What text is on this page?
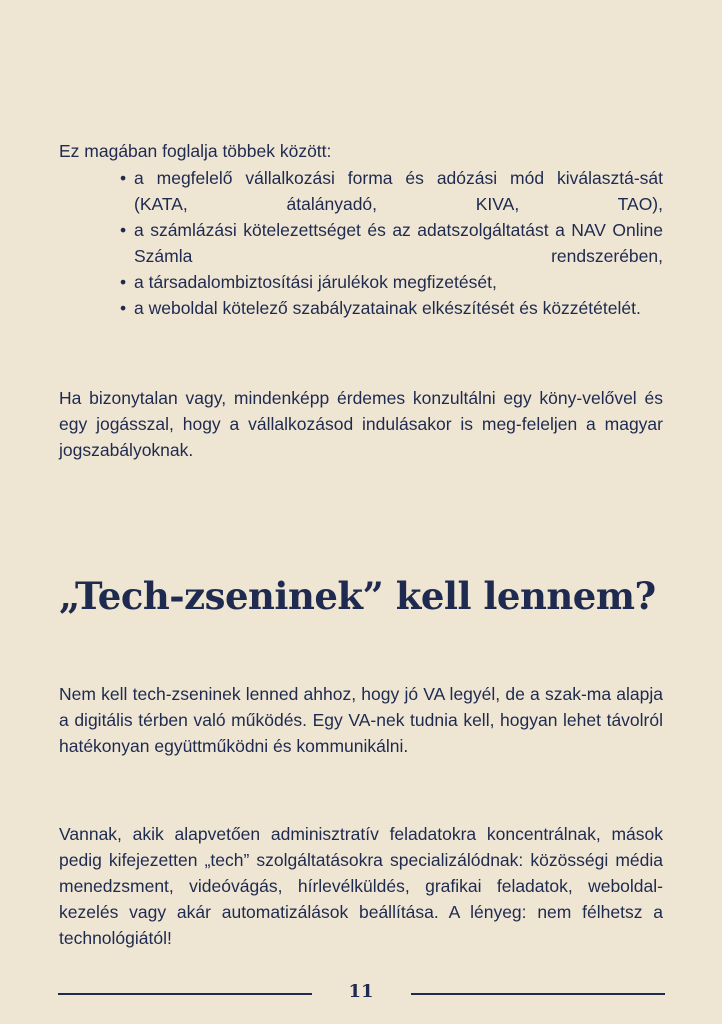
Ez magában foglalja többek között:

• a megfelelő vállalkozási forma és adózási mód kiválasztá-sát (KATA, átalányadó, KIVA, TAO),
• a számlázási kötelezettséget és az adatszolgáltatást a NAV Online Számla rendszerében,
• a társadalombiztosítási járulékok megfizetését,
• a weboldal kötelező szabályzatainak elkészítését és közzétételét.

Ha bizonytalan vagy, mindenképp érdemes konzultálni egy köny-velővel és egy jogásszal, hogy a vállalkozásod indulásakor is meg-feleljen a magyar jogszabályoknak.

„Tech-zseninek” kell lennem?

Nem kell tech-zseninek lenned ahhoz, hogy jó VA legyél, de a szak-ma alapja a digitális térben való működés. Egy VA-nek tudnia kell, hogyan lehet távolról hatékonyan együttműködni és kommunikálni.

Vannak, akik alapvetően adminisztratív feladatokra koncentrálnak, mások pedig kifejezetten „tech” szolgáltatásokra specializálódnak: közösségi média menedzsment, videóvágás, hírlevélküldés, grafikai feladatok, weboldal-kezelés vagy akár automatizálások beállítása. A lényeg: nem félhetsz a technológiától!

11
